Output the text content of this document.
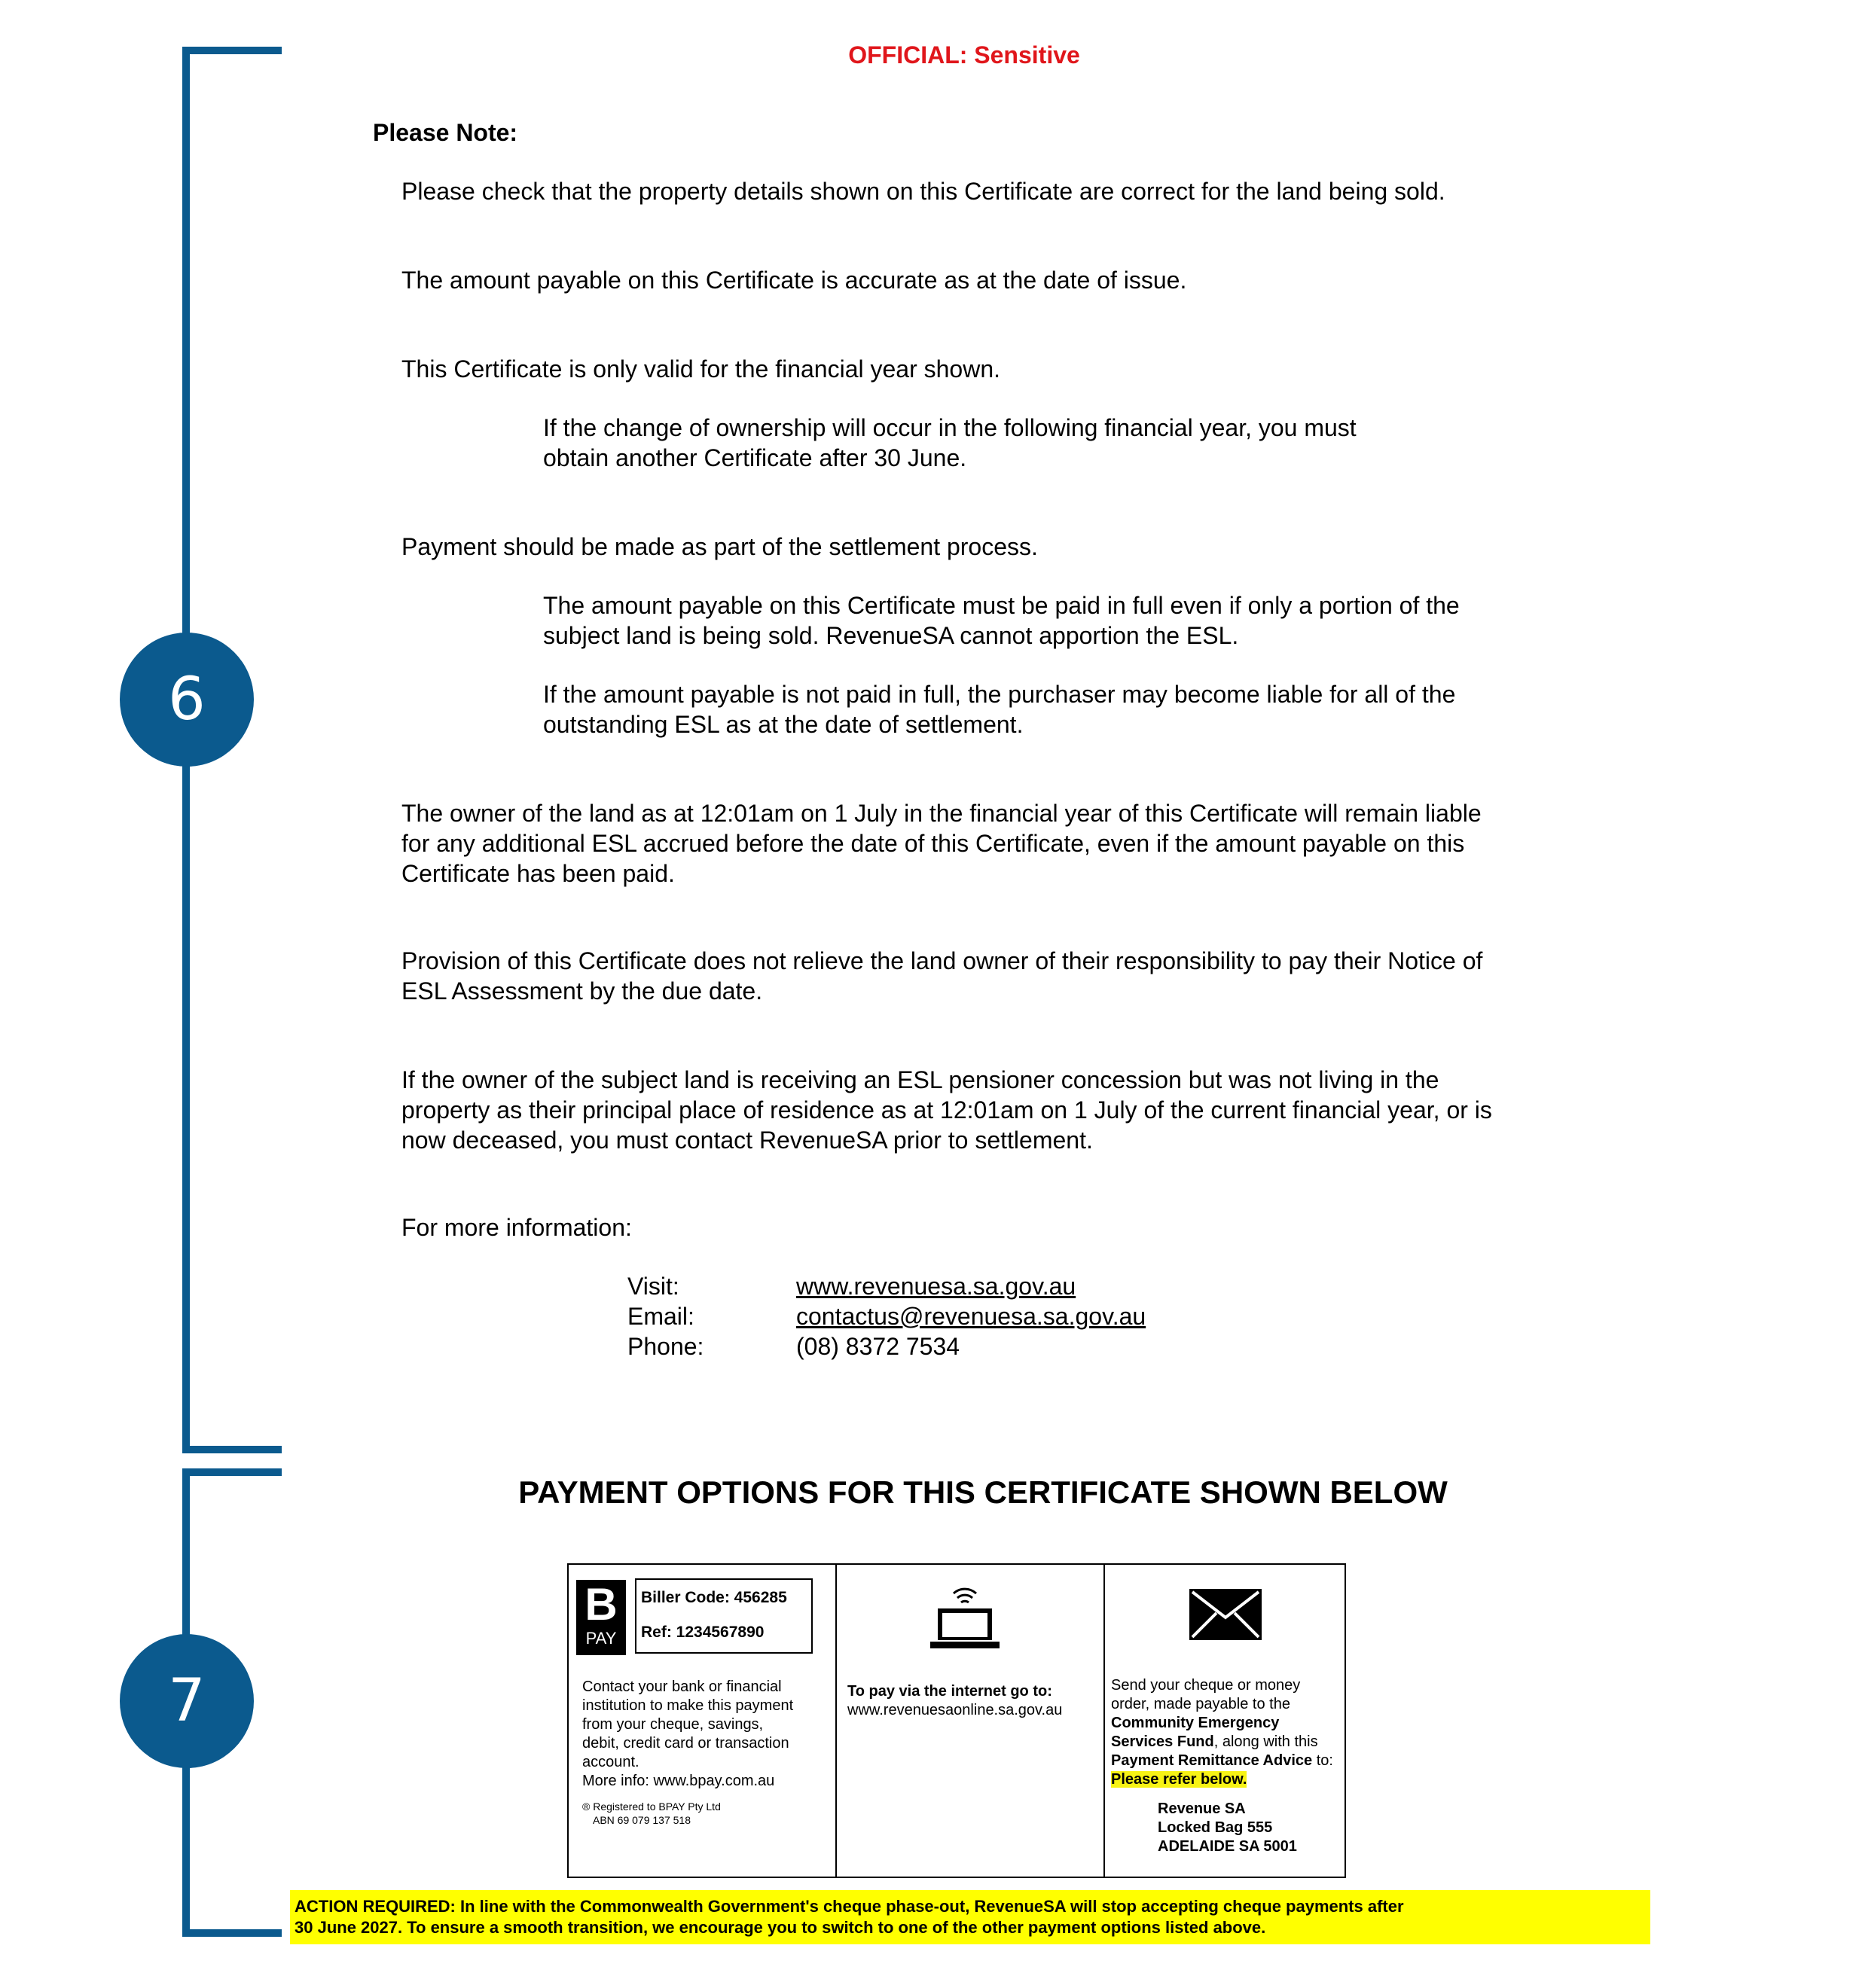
6
7
OFFICIAL: Sensitive
Please Note:
Please check that the property details shown on this Certificate are correct for the land being sold.
The amount payable on this Certificate is accurate as at the date of issue.
This Certificate is only valid for the financial year shown.
If the change of ownership will occur in the following financial year, you must
obtain another Certificate after 30 June.
Payment should be made as part of the settlement process.
The amount payable on this Certificate must be paid in full even if only a portion of the
subject land is being sold. RevenueSA cannot apportion the ESL.
If the amount payable is not paid in full, the purchaser may become liable for all of the
outstanding ESL as at the date of settlement.
The owner of the land as at 12:01am on 1 July in the financial year of this Certificate will remain liable
for any additional ESL accrued before the date of this Certificate, even if the amount payable on this
Certificate has been paid.
Provision of this Certificate does not relieve the land owner of their responsibility to pay their Notice of
ESL Assessment by the due date.
If the owner of the subject land is receiving an ESL pensioner concession but was not living in the
property as their principal place of residence as at 12:01am on 1 July of the current financial year, or is
now deceased, you must contact RevenueSA prior to settlement.
For more information:
Visit:	www.revenuesa.sa.gov.au
Email:	contactus@revenuesa.sa.gov.au
Phone:	(08) 8372 7534
PAYMENT OPTIONS FOR THIS CERTIFICATE SHOWN BELOW
B
PAY
Biller Code: 456285
Ref: 1234567890
Contact your bank or financial
institution to make this payment
from your cheque, savings,
debit, credit card or transaction
account.
More info: www.bpay.com.au
® Registered to BPAY Pty Ltd
ABN 69 079 137 518
To pay via the internet go to:
www.revenuesaonline.sa.gov.au
Send your cheque or money
order, made payable to the
Community Emergency
Services Fund, along with this
Payment Remittance Advice to:
Please refer below.
Revenue SA
Locked Bag 555
ADELAIDE SA 5001
ACTION REQUIRED: In line with the Commonwealth Government's cheque phase-out, RevenueSA will stop accepting cheque payments after
30 June 2027. To ensure a smooth transition, we encourage you to switch to one of the other payment options listed above.
